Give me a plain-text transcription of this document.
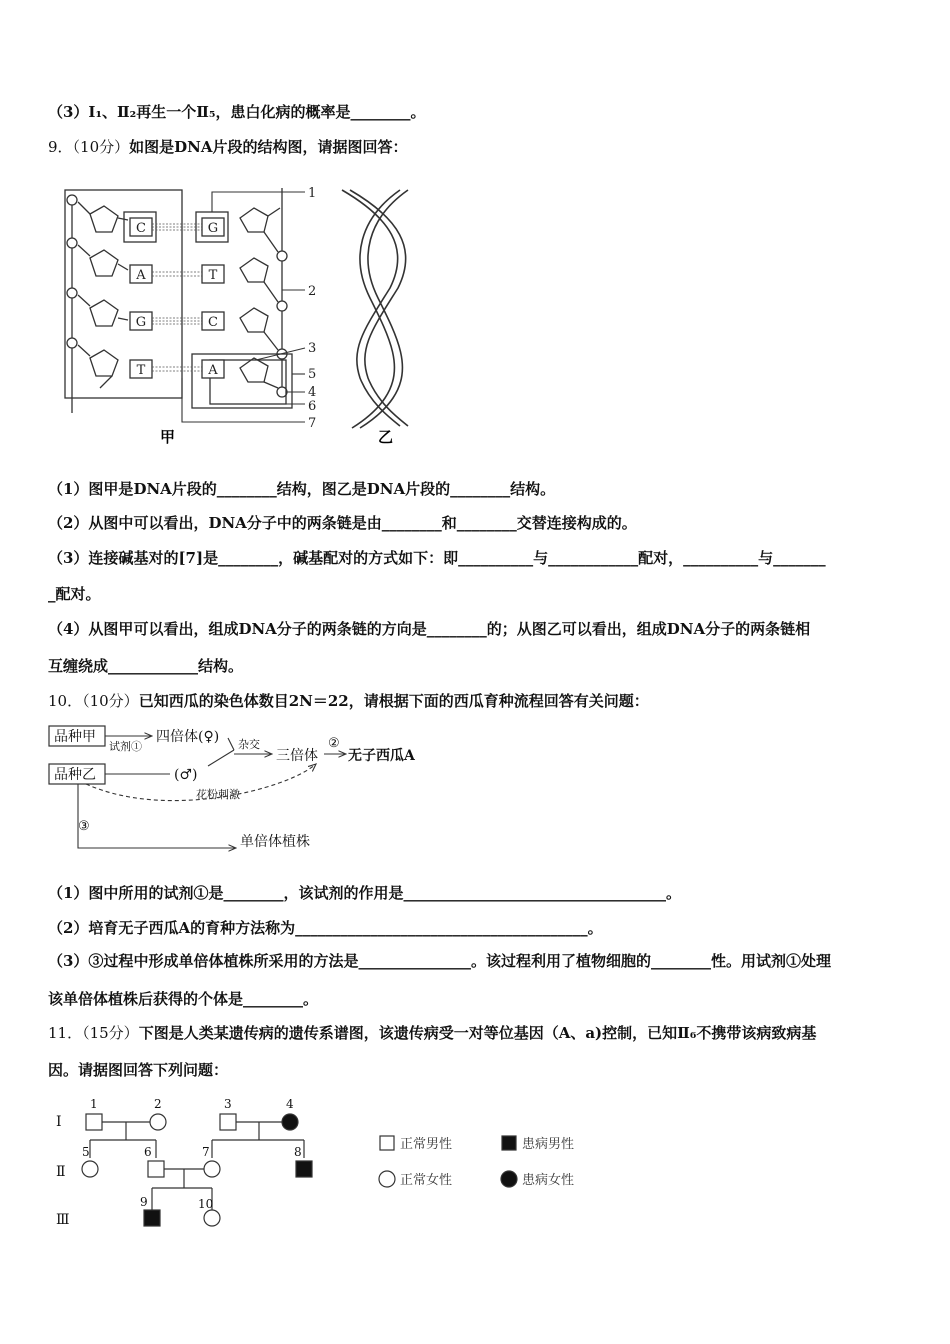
（3）Ⅰ₁、Ⅱ₂再生一个Ⅱ₅，患白化病的概率是________。
9．（10分）如图是DNA片段的结构图，请据图回答：
C
A
G
T
G
T
C
A
1
2
3
5
4
6
7
甲	乙
（1）图甲是DNA片段的________结构，图乙是DNA片段的________结构。
（2）从图中可以看出，DNA分子中的两条链是由________和________交替连接构成的。
（3）连接碱基对的[7]是________，碱基配对的方式如下：即__________与____________配对，__________与_______
_配对。
（4）从图甲可以看出，组成DNA分子的两条链的方向是________的；从图乙可以看出，组成DNA分子的两条链相
互缠绕成____________结构。
10．（10分）已知西瓜的染色体数目2N＝22，请根据下面的西瓜育种流程回答有关问题：
品种甲
品种乙
四倍体(♀)
(♂)
三倍体
②
无子西瓜A
单倍体植株
③
试剂①	杂交
花粉刺激
（1）图中所用的试剂①是________，该试剂的作用是___________________________________。
（2）培育无子西瓜A的育种方法称为_______________________________________。
（3）③过程中形成单倍体植株所采用的方法是_______________。该过程利用了植物细胞的________性。用试剂①处理
该单倍体植株后获得的个体是________。
11．（15分）下图是人类某遗传病的遗传系谱图，该遗传病受一对等位基因（A、a)控制，已知Ⅱ₆不携带该病致病基
因。请据图回答下列问题：
Ⅰ
Ⅱ
Ⅲ
1	2	3	4
5	6	7	8
9	10
正常男性	患病男性
正常女性	患病女性
